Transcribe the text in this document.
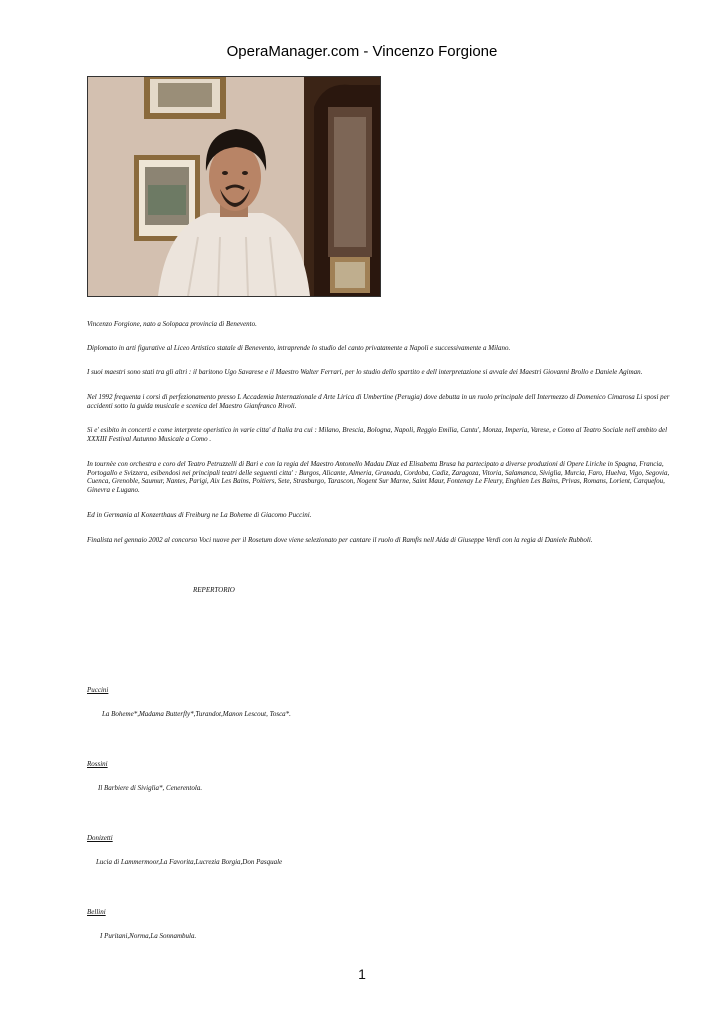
OperaManager.com - Vincenzo Forgione

Vincenzo Forgione, nato a Solopaca provincia di Benevento.

Diplomato in arti figurative al Liceo Artistico statale di Benevento, intraprende lo studio del canto privatamente a Napoli e successivamente a Milano.

I suoi maestri sono stati tra gli altri : il baritono Ugo Savarese e il Maestro Walter Ferrari, per lo studio dello spartito e dell interpretazione si avvale dei Maestri Giovanni Brollo e Daniele Agiman.

Nel 1992 frequenta i corsi di perfezionamento presso L Accademia Internazionale d Arte Lirica di Umbertine (Perugia) dove debutta in un ruolo principale dell Intermezzo di Domenico Cimarosa Li sposi per accidenti sotto la guida musicale e scenica del Maestro Gianfranco Rivoli.

Si e' esibito in concerti e come interprete operistico in varie citta' d Italia tra cui : Milano, Brescia, Bologna, Napoli, Reggio Emilia, Cantu', Monza, Imperia, Varese, e Como al Teatro Sociale nell ambito del XXXIII Festival Autunno Musicale a Como .

In tournèe con orchestra e coro del Teatro Petruzzelli di Bari e con la regia del Maestro Antonello Madau Diaz ed Elisabetta Brusa ha partecipato a diverse produzioni di Opere Liriche in Spagna, Francia, Portogallo e Svizzera, esibendosi nei principali teatri delle seguenti citta' : Burgos, Alicante, Almeria, Granada, Cordoba, Cadiz, Zaragoza, Vitoria, Salamanca, Siviglia, Murcia, Faro, Huelva, Vigo, Segovia, Cuenca, Grenoble, Saumur, Nantes, Parigi, Aix Les Bains, Poitiers, Sete, Strasburgo, Tarascon, Nogent Sur Marne, Saint Maur, Fontenay Le Fleury, Enghien Les Bains, Privas, Romans, Lorient, Carquefou, Ginevra e Lugano.

Ed in Germania al Konzerthaus di Freiburg ne La Boheme di Giacomo Puccini.

Finalista nel gennaio 2002 al concorso Voci nuove per il Rosetum dove viene selezionato per cantare il ruolo di Ramfis nell Aida di Giuseppe Verdi con la regia di Daniele Rubboli.

REPERTORIO

Puccini

La Boheme*,Madama Butterfly*,Turandot,Manon Lescout, Tosca*.

Rossini

Il Barbiere di Siviglia*, Cenerentola.

Donizetti

Lucia di Lammermoor,La Favorita,Lucrezia Borgia,Don Pasquale

Bellini

I Puritani,Norma,La Sonnambula.

1
